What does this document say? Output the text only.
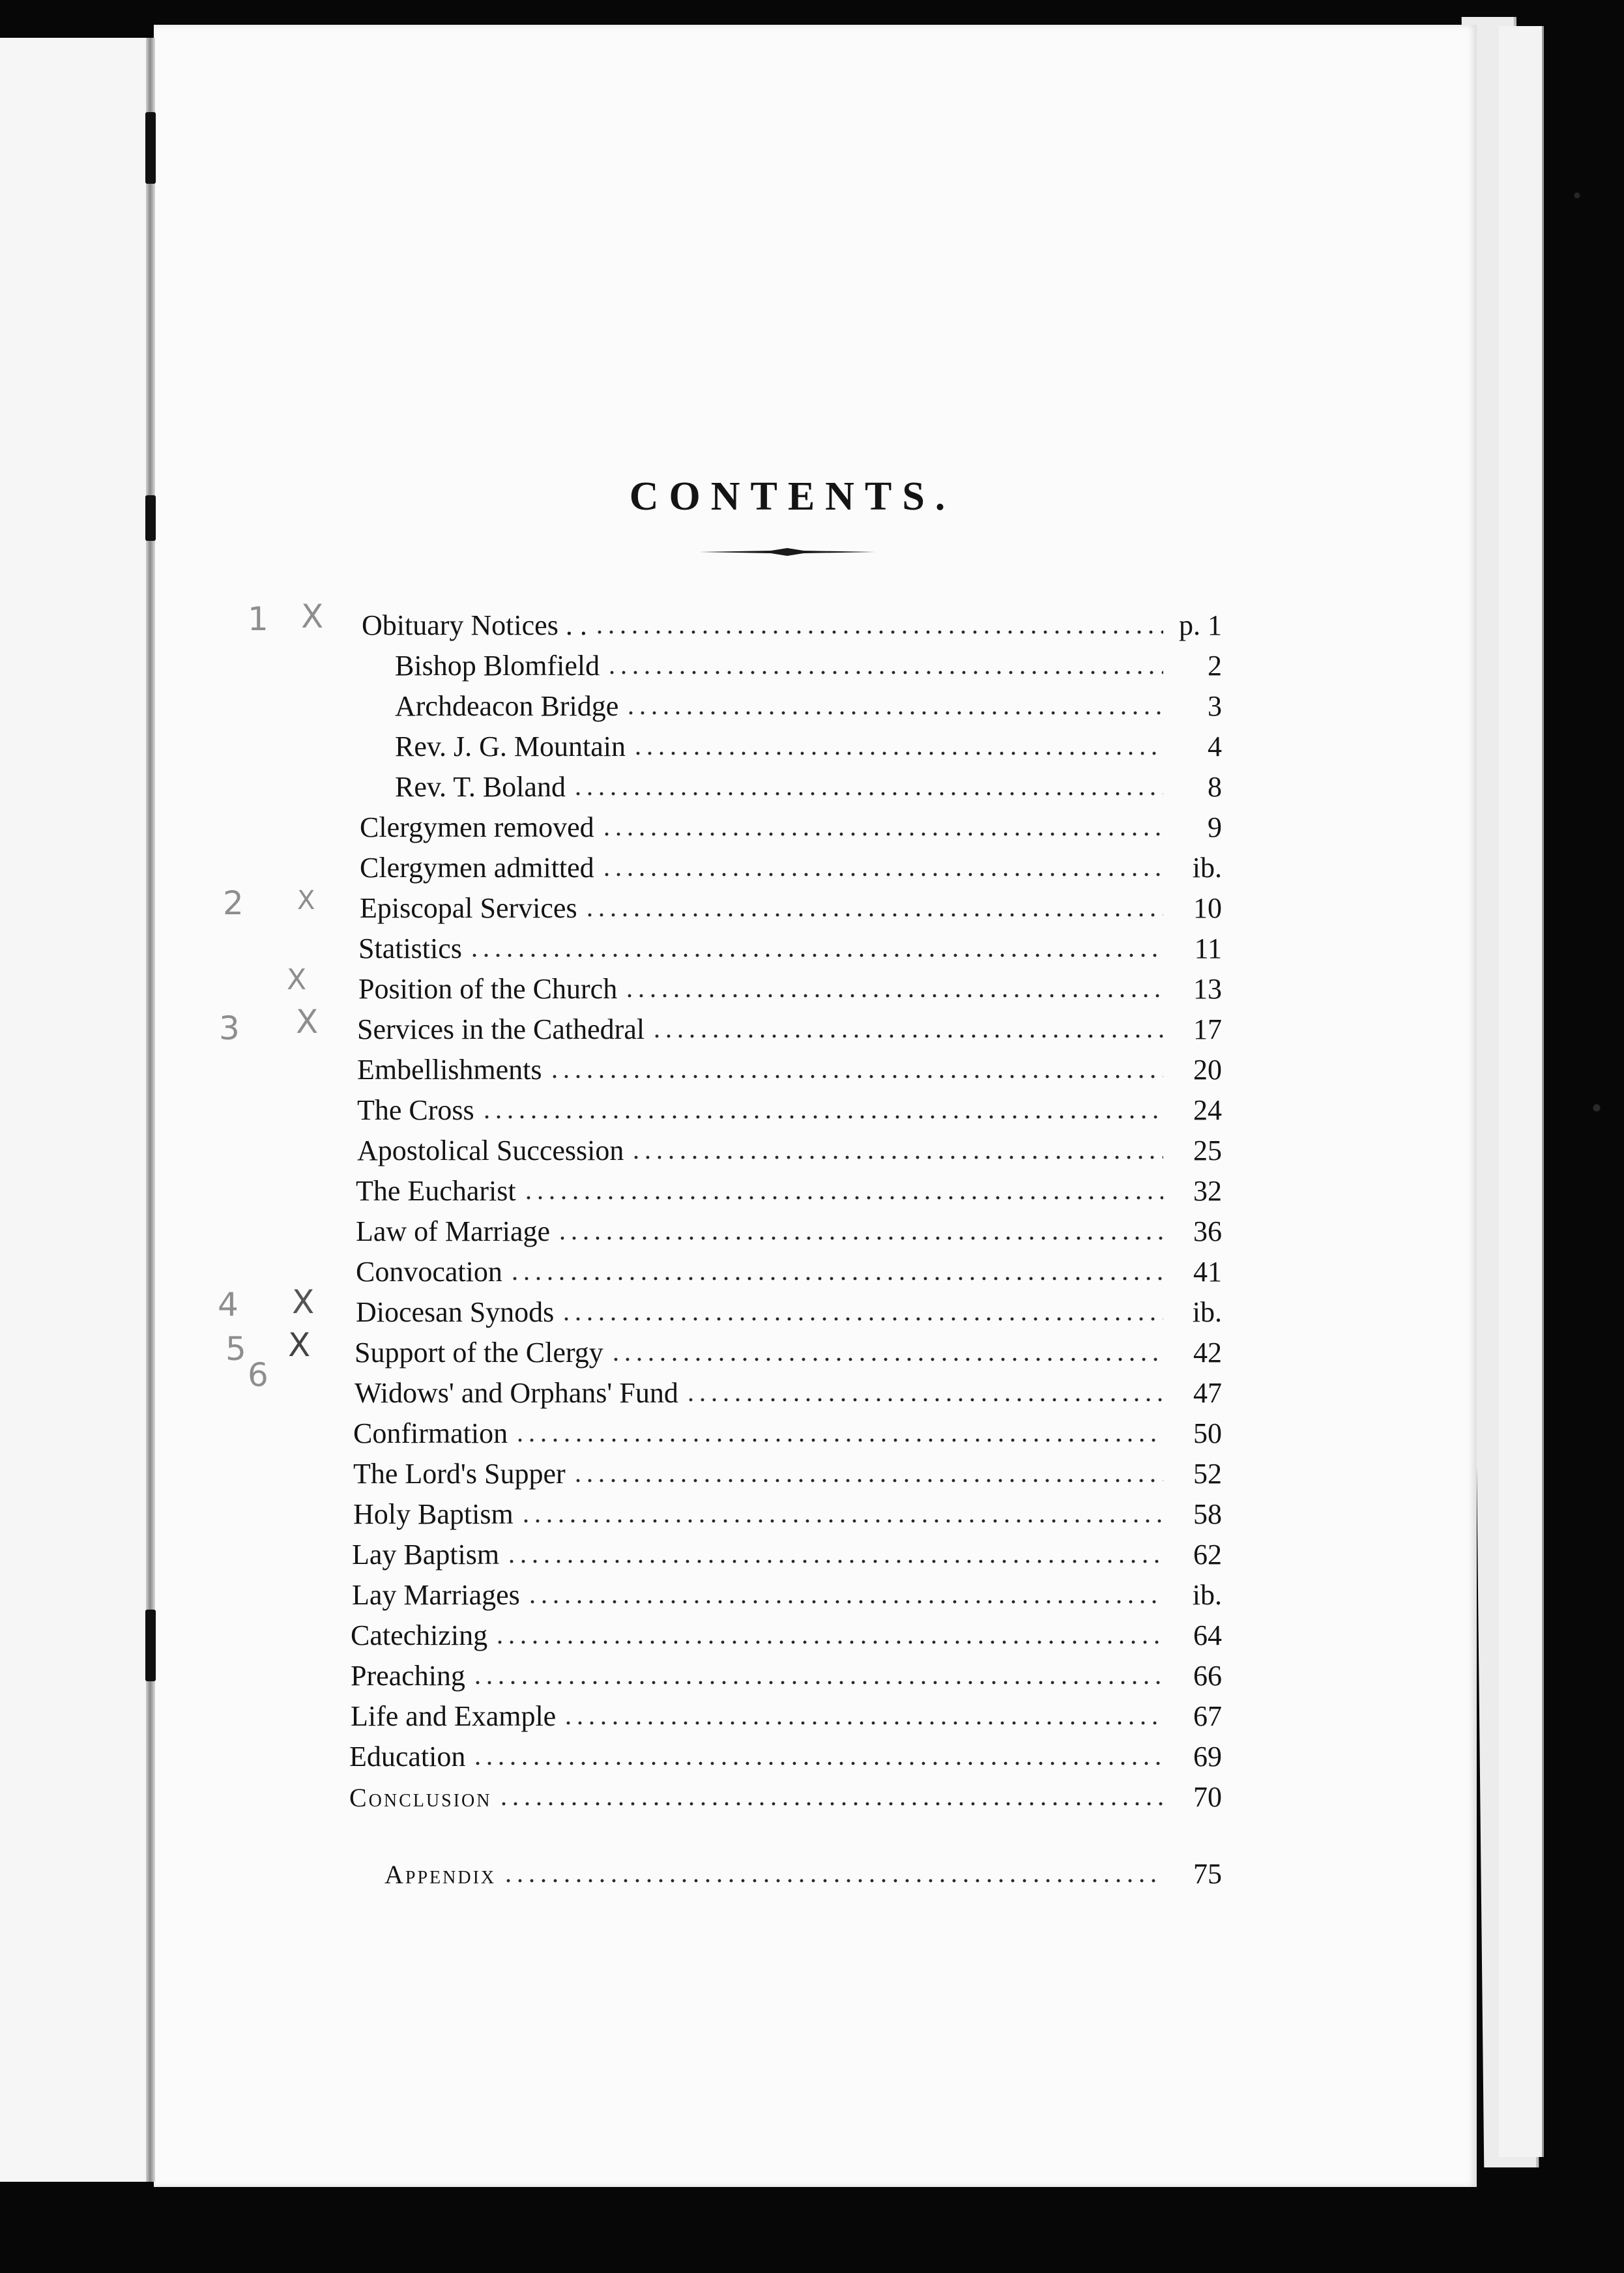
CONTENTS.
Obituary Notices . .	p. 1
Bishop Blomfield	2
Archdeacon Bridge	3
Rev. J. G. Mountain	4
Rev. T. Boland	8
Clergymen removed	9
Clergymen admitted	ib.
Episcopal Services	10
Statistics	11
Position of the Church	13
Services in the Cathedral	17
Embellishments	20
The Cross	24
Apostolical Succession	25
The Eucharist	32
Law of Marriage	36
Convocation	41
Diocesan Synods	ib.
Support of the Clergy	42
Widows' and Orphans' Fund	47
Confirmation	50
The Lord's Supper	52
Holy Baptism	58
Lay Baptism	62
Lay Marriages	ib.
Catechizing	64
Preaching	66
Life and Example	67
Education	69
Conclusion	70
Appendix	75
1 X
2 X
X
3 X
4 X
5
6
X
